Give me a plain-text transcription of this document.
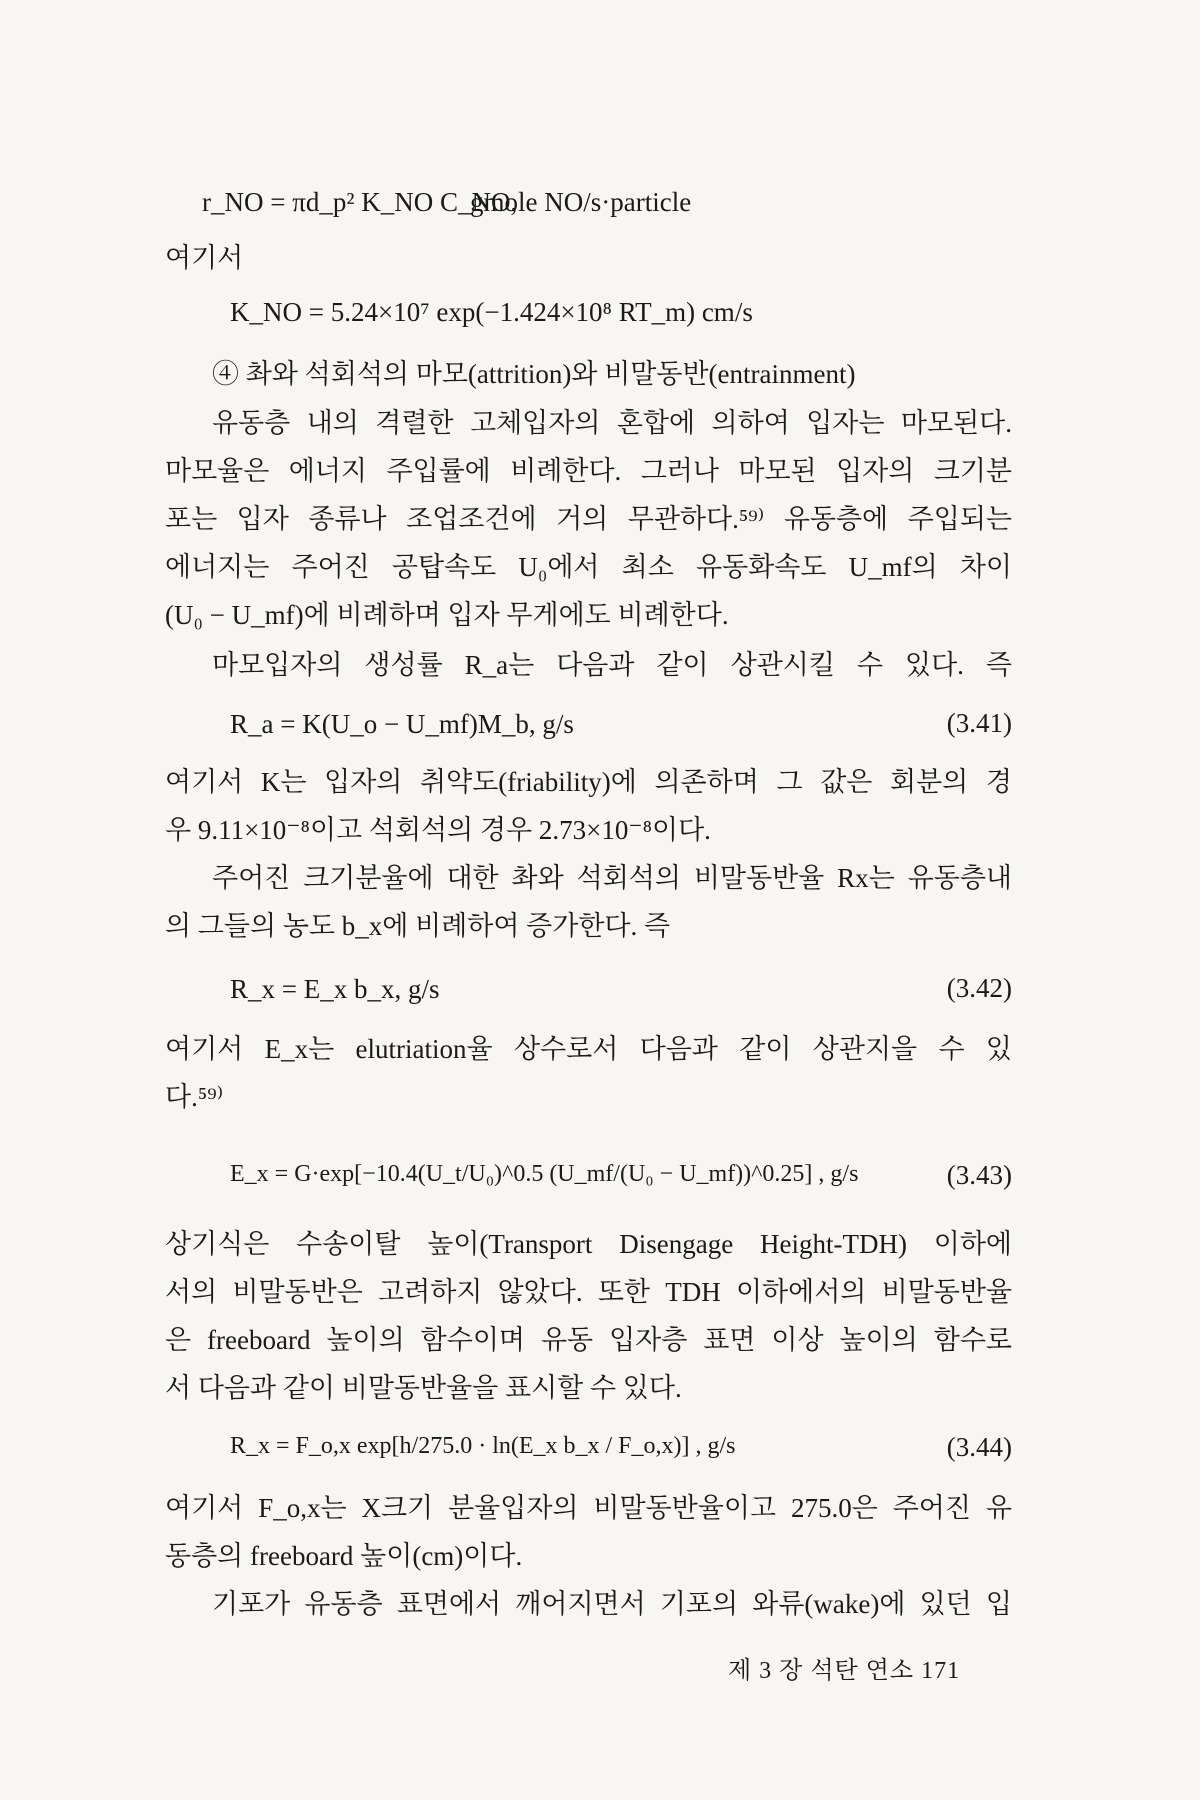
r_NO = πd_p² K_NO C_NO,
gmole NO/s·particle
여기서
K_NO = 5.24×10⁷ exp(−1.424×10⁸ RT_m) cm/s
④ 촤와 석회석의 마모(attrition)와 비말동반(entrainment)
유동층 내의 격렬한 고체입자의 혼합에 의하여 입자는 마모된다.
마모율은 에너지 주입률에 비례한다. 그러나 마모된 입자의 크기분
포는 입자 종류나 조업조건에 거의 무관하다.⁵⁹⁾ 유동층에 주입되는
에너지는 주어진 공탑속도 U₀에서 최소 유동화속도 U_mf의 차이
(U₀ − U_mf)에 비례하며 입자 무게에도 비례한다.
마모입자의 생성률 R_a는 다음과 같이 상관시킬 수 있다. 즉
R_a = K(U_o − U_mf)M_b, g/s	(3.41)
여기서 K는 입자의 취약도(friability)에 의존하며 그 값은 회분의 경
우 9.11×10⁻⁸이고 석회석의 경우 2.73×10⁻⁸이다.
주어진 크기분율에 대한 촤와 석회석의 비말동반율 Rx는 유동층내
의 그들의 농도 b_x에 비례하여 증가한다. 즉
R_x = E_x b_x, g/s	(3.42)
여기서 E_x는 elutriation율 상수로서 다음과 같이 상관지을 수 있
다.⁵⁹⁾
E_x = G·exp[−10.4(U_t/U₀)^0.5 (U_mf/(U₀ − U_mf))^0.25] , g/s	(3.43)
상기식은 수송이탈 높이(Transport Disengage Height-TDH) 이하에
서의 비말동반은 고려하지 않았다. 또한 TDH 이하에서의 비말동반율
은 freeboard 높이의 함수이며 유동 입자층 표면 이상 높이의 함수로
서 다음과 같이 비말동반율을 표시할 수 있다.
R_x = F_o,x exp[h/275.0 · ln(E_x b_x / F_o,x)] , g/s	(3.44)
여기서 F_o,x는 X크기 분율입자의 비말동반율이고 275.0은 주어진 유
동층의 freeboard 높이(cm)이다.
기포가 유동층 표면에서 깨어지면서 기포의 와류(wake)에 있던 입
제 3 장 석탄 연소 171
